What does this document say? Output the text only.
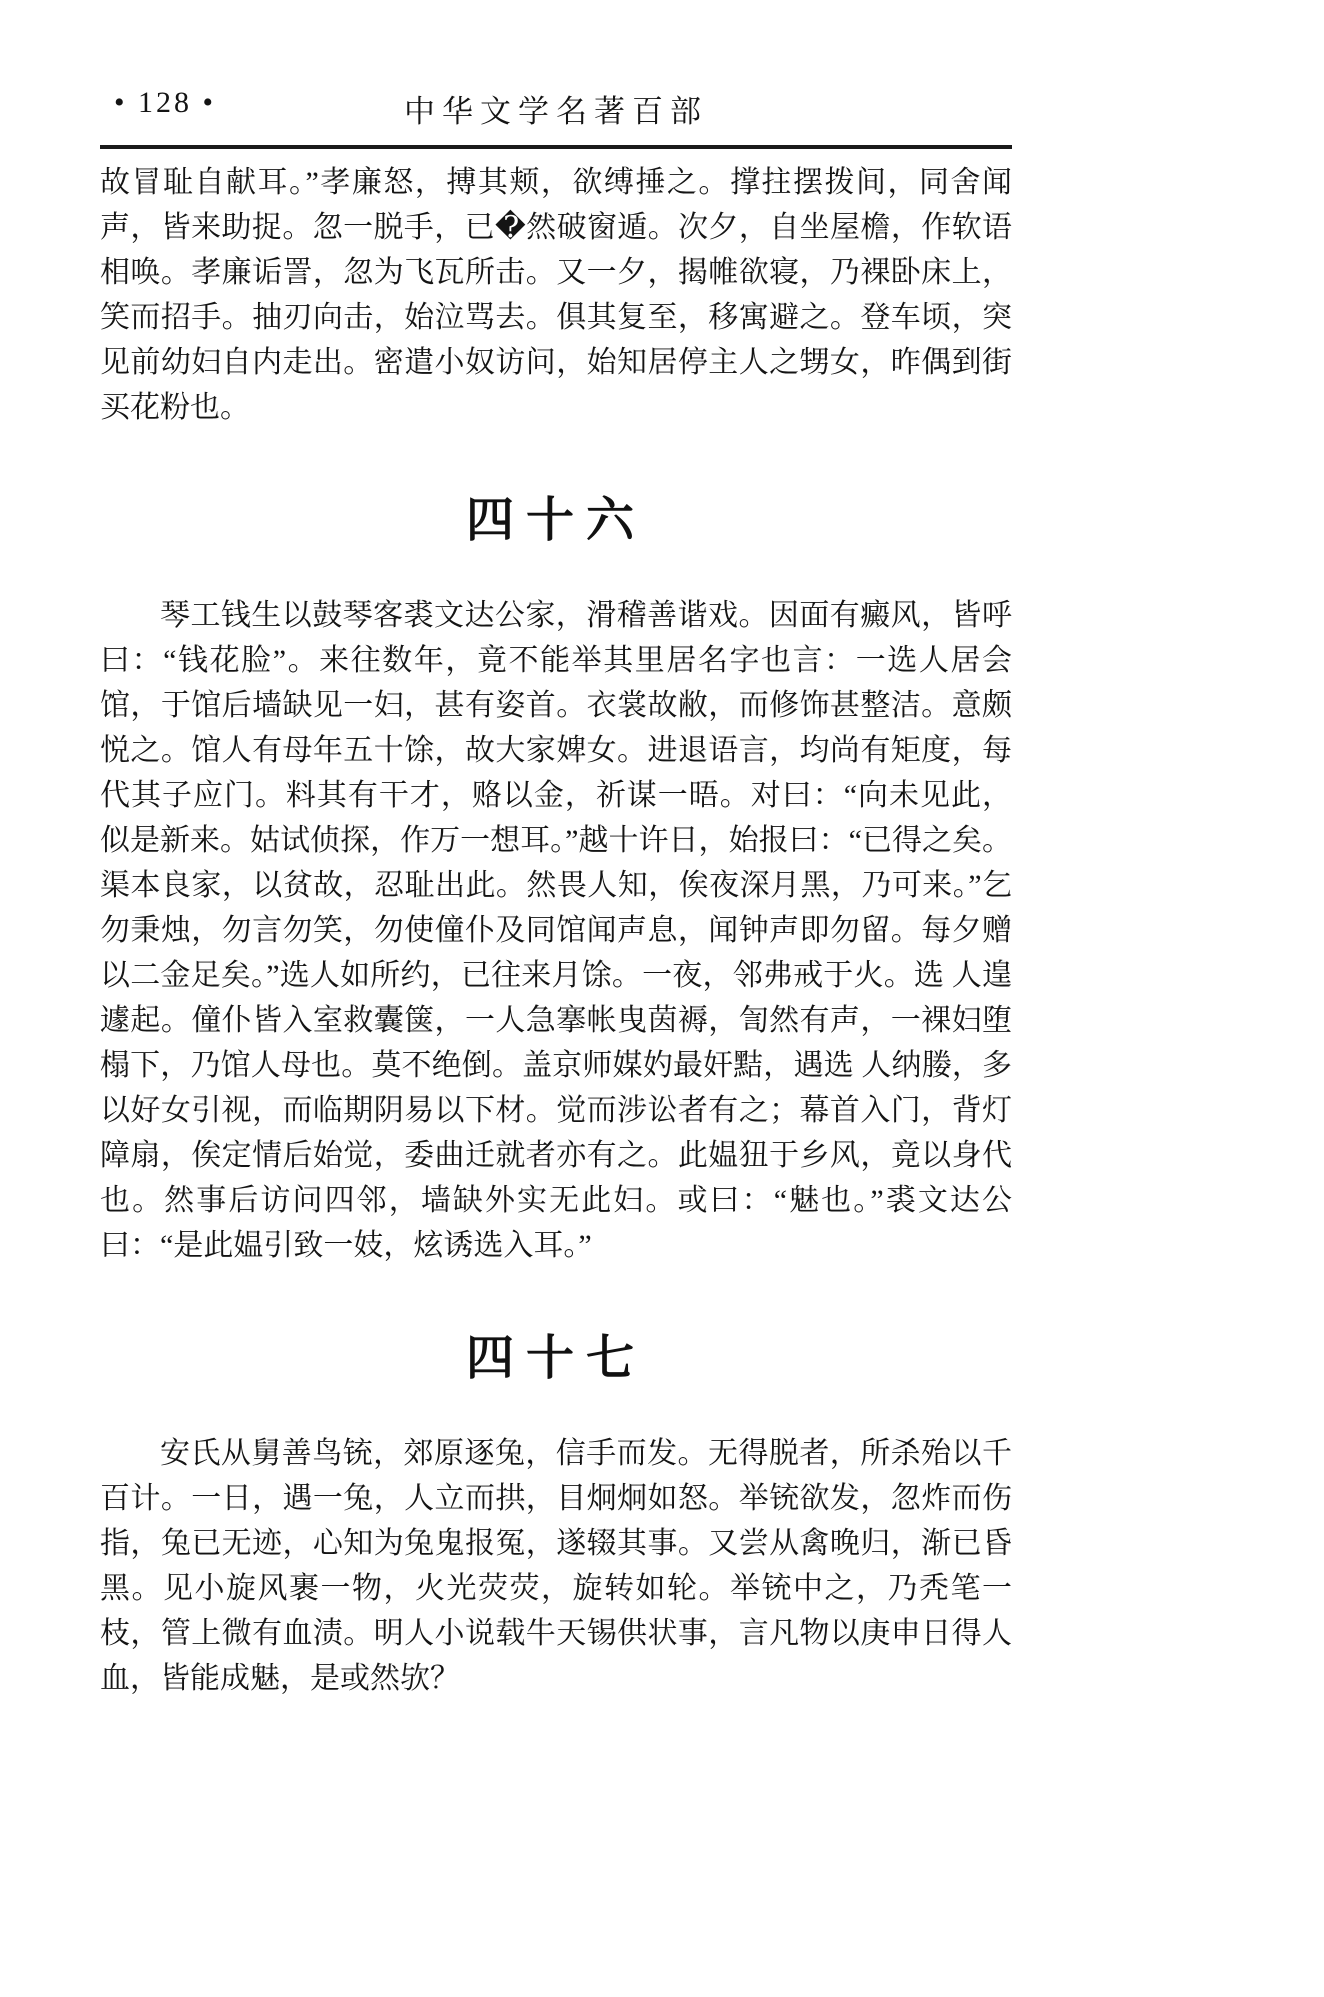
• 128 •	中华文学名著百部

故冒耻自献耳。”孝廉怒，搏其颊，欲缚捶之。撑拄摆拨间，同舍闻声，皆来助捉。忽一脱手，已�然破窗遁。次夕，自坐屋檐，作软语相唤。孝廉诟詈，忽为飞瓦所击。又一夕，揭帷欲寝，乃裸卧床上，笑而招手。抽刃向击，始泣骂去。俱其复至，移寓避之。登车顷，突见前幼妇自内走出。密遣小奴访问，始知居停主人之甥女，昨偶到街买花粉也。

四十六

琴工钱生以鼓琴客裘文达公家，滑稽善谐戏。因面有癜风，皆呼曰：“钱花脸”。来往数年，竟不能举其里居名字也言：一选人居会馆，于馆后墙缺见一妇，甚有姿首。衣裳故敝，而修饰甚整洁。意颇悦之。馆人有母年五十馀，故大家婢女。进退语言，均尚有矩度，每代其子应门。料其有干才，赂以金，祈谋一晤。对曰：“向未见此，似是新来。姑试侦探，作万一想耳。”越十许日，始报曰：“已得之矣。渠本良家，以贫故，忍耻出此。然畏人知，俟夜深月黑，乃可来。”乞勿秉烛，勿言勿笑，勿使僮仆及同馆闻声息，闻钟声即勿留。每夕赠以二金足矣。”选人如所约，已往来月馀。一夜，邻弗戒于火。选 人遑遽起。僮仆皆入室救囊箧，一人急搴帐曳茵褥，訇然有声，一裸妇堕榻下，乃馆人母也。莫不绝倒。盖京师媒妁最奸黠，遇选 人纳媵，多以好女引视，而临期阴易以下材。觉而涉讼者有之；幕首入门，背灯障扇，俟定情后始觉，委曲迁就者亦有之。此媪狃于乡风，竟以身代也。然事后访问四邻，墙缺外实无此妇。或曰：“魅也。”裘文达公曰：“是此媪引致一妓，炫诱选入耳。”

四十七

安氏从舅善鸟铳，郊原逐兔，信手而发。无得脱者，所杀殆以千百计。一日，遇一兔，人立而拱，目炯炯如怒。举铳欲发，忽炸而伤指，兔已无迹，心知为兔鬼报冤，遂辍其事。又尝从禽晚归，渐已昏黑。见小旋风裹一物，火光荧荧，旋转如轮。举铳中之，乃秃笔一枝，管上微有血渍。明人小说载牛天锡供状事，言凡物以庚申日得人血，皆能成魅，是或然欤？
